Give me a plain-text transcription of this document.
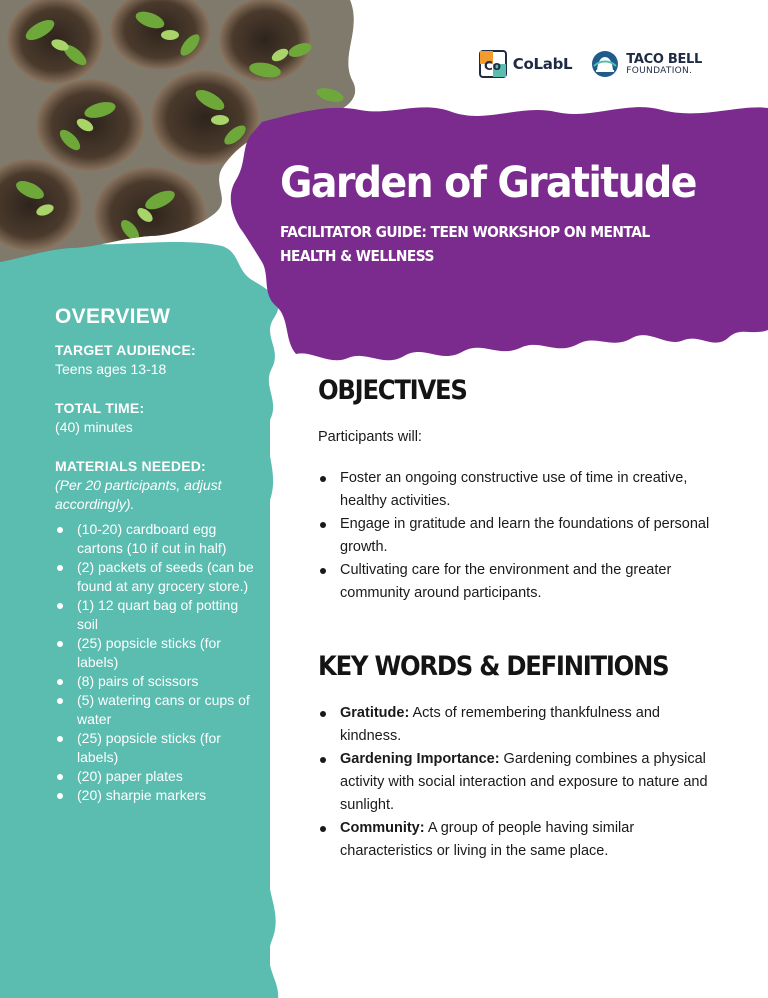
Co CoLabL	TACO BELL
FOUNDATION.
Garden of Gratitude
FACILITATOR GUIDE: TEEN WORKSHOP ON MENTAL HEALTH & WELLNESS
OVERVIEW
TARGET AUDIENCE:
Teens ages 13-18
TOTAL TIME:
(40) minutes
MATERIALS NEEDED:
(Per 20 participants, adjust accordingly).
(10-20) cardboard egg cartons (10 if cut in half)
(2) packets of seeds (can be found at any grocery store.)
(1) 12 quart bag of potting soil
(25) popsicle sticks (for labels)
(8) pairs of scissors
(5) watering cans or cups of water
(25) popsicle sticks (for labels)
(20) paper plates
(20) sharpie markers
OBJECTIVES

Participants will:

Foster an ongoing constructive use of time in creative, healthy activities.
Engage in gratitude and learn the foundations of personal growth.
Cultivating care for the environment and the greater community around participants.
KEY WORDS & DEFINITIONS
Gratitude: Acts of remembering thankfulness and kindness.
Gardening Importance: Gardening combines a physical activity with social interaction and exposure to nature and sunlight.
Community: A group of people having similar characteristics or living in the same place.
